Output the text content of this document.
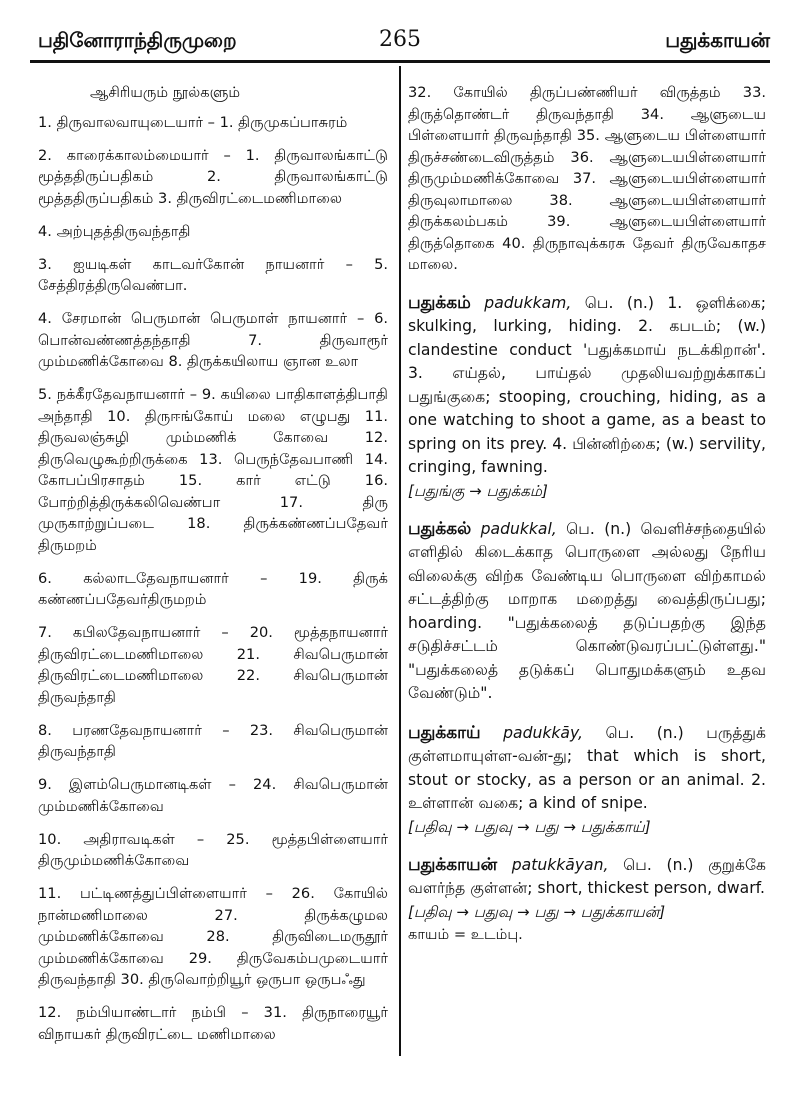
பதினோராந்திருமுறை	265	பதுக்காயன்

ஆசிரியரும் நூல்களும்

1. திருவாலவாயுடையார் – 1. திருமுகப்பாசுரம்

2. காரைக்காலம்மையார் – 1. திருவாலங்காட்டு மூத்ததிருப்பதிகம் 2. திருவாலங்காட்டு மூத்ததிருப்பதிகம் 3. திருவிரட்டைமணிமாலை

4. அற்புதத்திருவந்தாதி

3. ஐயடிகள் காடவர்கோன் நாயனார் – 5. சேத்திரத்திருவெண்பா.

4. சேரமான் பெருமான் பெருமாள் நாயனார் – 6. பொன்வண்ணத்தந்தாதி 7. திருவாரூர் மும்மணிக்கோவை 8. திருக்கயிலாய ஞான உலா

5. நக்கீரதேவநாயனார் – 9. கயிலை பாதிகாளத்திபாதி அந்தாதி 10. திருஈங்கோய் மலை எழுபது 11. திருவலஞ்சுழி மும்மணிக் கோவை 12. திருவெழுகூற்றிருக்கை 13. பெருந்தேவபாணி 14. கோபப்பிரசாதம் 15. கார் எட்டு 16. போற்றித்திருக்கலிவெண்பா 17. திரு முருகாற்றுப்படை 18. திருக்கண்ணப்பதேவர் திருமறம்

6. கல்லாடதேவநாயனார் – 19. திருக் கண்ணப்பதேவர்திருமறம்

7. கபிலதேவநாயனார் – 20. மூத்தநாயனார் திருவிரட்டைமணிமாலை 21. சிவபெருமான் திருவிரட்டைமணிமாலை 22. சிவபெருமான் திருவந்தாதி

8. பரணதேவநாயனார் – 23. சிவபெருமான் திருவந்தாதி

9. இளம்பெருமானடிகள் – 24. சிவபெருமான் மும்மணிக்கோவை

10. அதிராவடிகள் – 25. மூத்தபிள்ளையார் திருமும்மணிக்கோவை

11. பட்டிணத்துப்பிள்ளையார் – 26. கோயில் நான்மணிமாலை 27. திருக்கழுமல மும்மணிக்கோவை 28. திருவிடைமருதூர் மும்மணிக்கோவை 29. திருவேகம்பமுடையார் திருவந்தாதி 30. திருவொற்றியூர் ஒருபா ஒருபஃது

12. நம்பியாண்டார் நம்பி – 31. திருநாரையூர் விநாயகர் திருவிரட்டை மணிமாலை

32. கோயில் திருப்பண்ணியர் விருத்தம் 33. திருத்தொண்டர் திருவந்தாதி 34. ஆளுடைய பிள்ளையார் திருவந்தாதி 35. ஆளுடைய பிள்ளையார் திருச்சண்டைவிருத்தம் 36. ஆளுடையபிள்ளையார் திருமும்மணிக்கோவை 37. ஆளுடையபிள்ளையார் திருவுலாமாலை 38. ஆளுடையபிள்ளையார் திருக்கலம்பகம் 39. ஆளுடையபிள்ளையார் திருத்தொகை 40. திருநாவுக்கரசு தேவர் திருவேகாதச மாலை.

பதுக்கம் padukkam, பெ. (n.) 1. ஒளிக்கை; skulking, lurking, hiding. 2. கபடம்; (w.) clandestine conduct 'பதுக்கமாய் நடக்கிறான்'. 3. எய்தல், பாய்தல் முதலியவற்றுக்காகப் பதுங்குகை; stooping, crouching, hiding, as a one watching to shoot a game, as a beast to spring on its prey. 4. பின்னிற்கை; (w.) servility, cringing, fawning.

[பதுங்கு → பதுக்கம்]

பதுக்கல் padukkal, பெ. (n.) வெளிச்சந்தையில் எளிதில் கிடைக்காத பொருளை அல்லது நேரிய விலைக்கு விற்க வேண்டிய பொருளை விற்காமல் சட்டத்திற்கு மாறாக மறைத்து வைத்திருப்பது; hoarding. "பதுக்கலைத் தடுப்பதற்கு இந்த சடுதிச்சட்டம் கொண்டுவரப்பட்டுள்ளது." "பதுக்கலைத் தடுக்கப் பொதுமக்களும் உதவ வேண்டும்".

பதுக்காய் padukkāy, பெ. (n.) பருத்துக் குள்ளமாயுள்ள-வன்-து; that which is short, stout or stocky, as a person or an animal. 2. உள்ளான் வகை; a kind of snipe.

[பதிவு → பதுவு → பது → பதுக்காய்]

பதுக்காயன் patukkāyan, பெ. (n.) குறுக்கே வளர்ந்த குள்ளன்; short, thickest person, dwarf.

[பதிவு → பதுவு → பது → பதுக்காயன்]

காயம் = உடம்பு.
